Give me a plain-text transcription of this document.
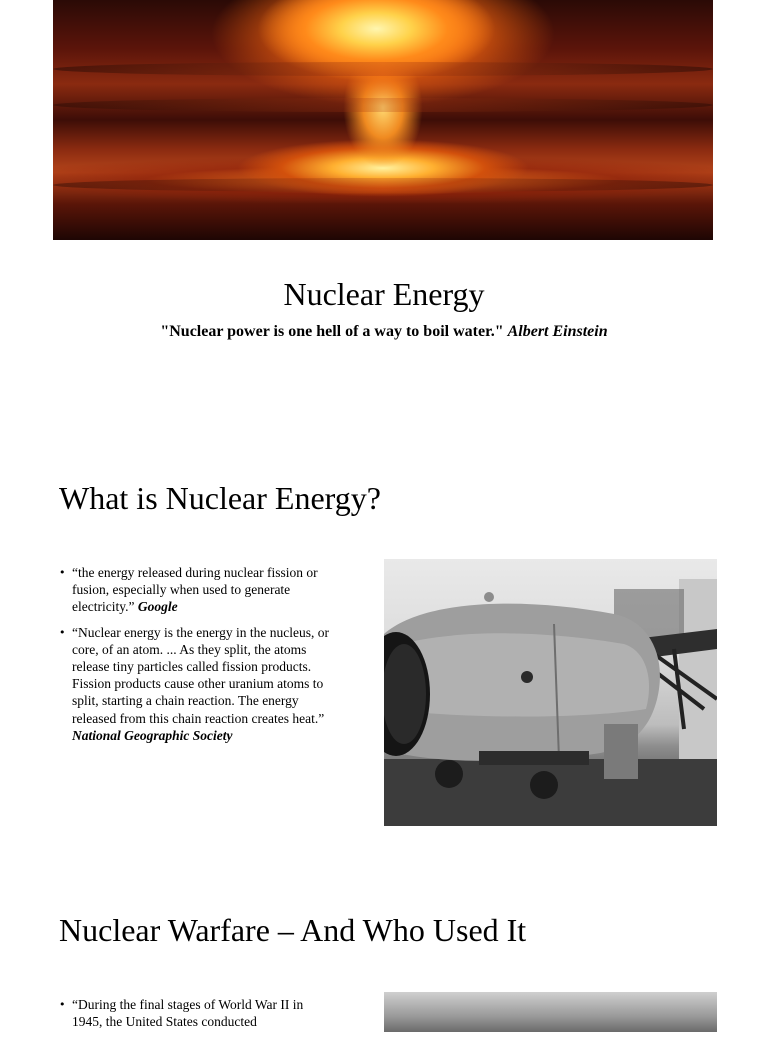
Nuclear Energy
"Nuclear power is one hell of a way to boil water." Albert Einstein
What is Nuclear Energy?
• “the energy released during nuclear fission or fusion, especially when used to generate electricity.” Google
• “Nuclear energy is the energy in the nucleus, or core, of an atom. ... As they split, the atoms release tiny particles called fission products. Fission products cause other uranium atoms to split, starting a chain reaction. The energy released from this chain reaction creates heat.” National Geographic Society
Nuclear Warfare – And Who Used It
• “During the final stages of World War II in 1945, the United States conducted
